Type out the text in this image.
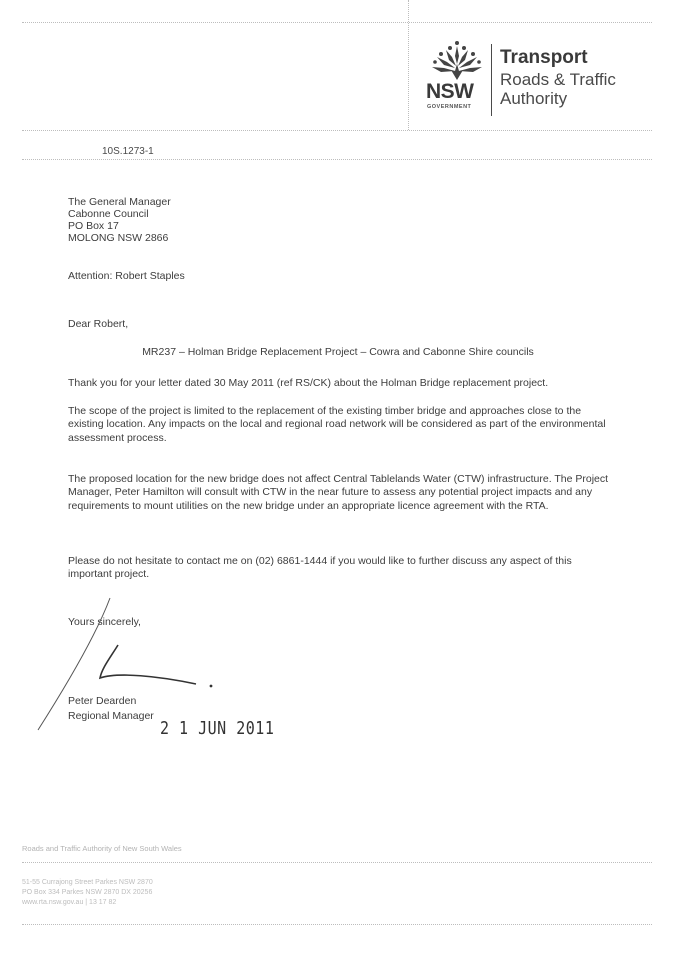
NSW
GOVERNMENT
Transport
Roads & Traffic
Authority
10S.1273-1
The General Manager
Cabonne Council
PO Box 17
MOLONG NSW 2866
Attention: Robert Staples
Dear Robert,
MR237 – Holman Bridge Replacement Project – Cowra and Cabonne Shire councils
Thank you for your letter dated 30 May 2011 (ref RS/CK) about the Holman Bridge replacement project.
The scope of the project is limited to the replacement of the existing timber bridge and approaches close to the existing location. Any impacts on the local and regional road network will be considered as part of the environmental assessment process.
The proposed location for the new bridge does not affect Central Tablelands Water (CTW) infrastructure. The Project Manager, Peter Hamilton will consult with CTW in the near future to assess any potential project impacts and any requirements to mount utilities on the new bridge under an appropriate licence agreement with the RTA.
Please do not hesitate to contact me on (02) 6861-1444 if you would like to further discuss any aspect of this important project.
Yours sincerely,
Peter Dearden
Regional Manager
2 1 JUN 2011
Roads and Traffic Authority of New South Wales
51-55 Currajong Street Parkes NSW 2870
PO Box 334 Parkes NSW 2870 DX 20256
www.rta.nsw.gov.au | 13 17 82
